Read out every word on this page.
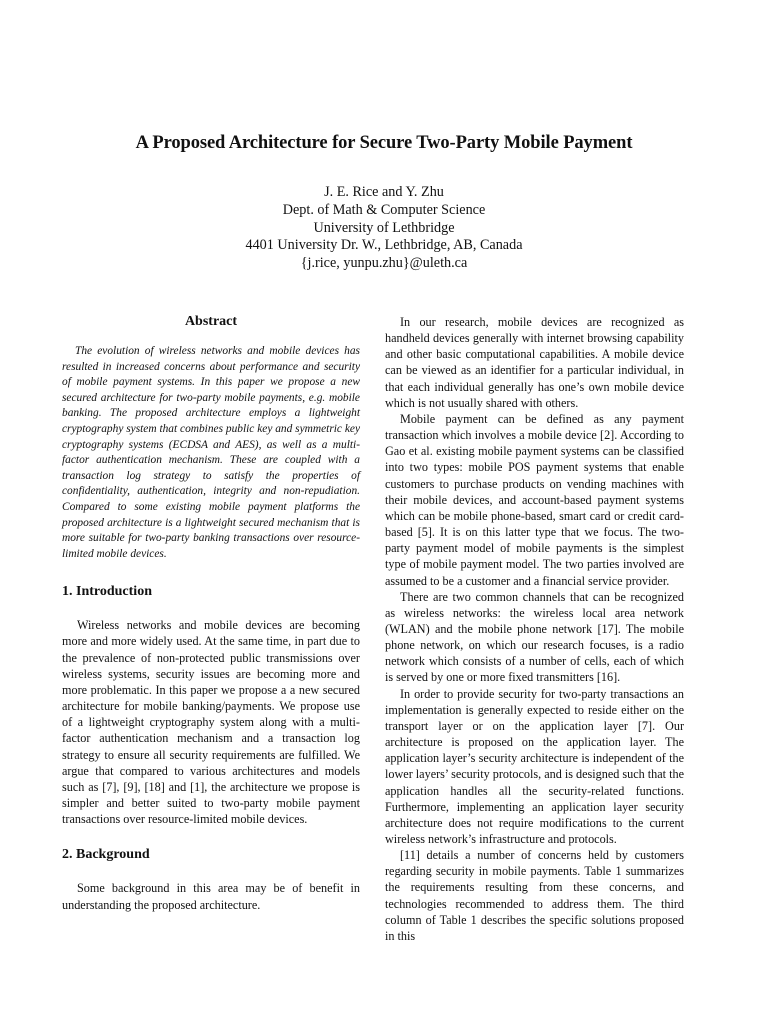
A Proposed Architecture for Secure Two-Party Mobile Payment
J. E. Rice and Y. Zhu
Dept. of Math & Computer Science
University of Lethbridge
4401 University Dr. W., Lethbridge, AB, Canada
{j.rice, yunpu.zhu}@uleth.ca
Abstract

The evolution of wireless networks and mobile devices has resulted in increased concerns about performance and security of mobile payment systems. In this paper we propose a new secured architecture for two-party mobile payments, e.g. mobile banking. The proposed architecture employs a lightweight cryptography system that combines public key and symmetric key cryptography systems (ECDSA and AES), as well as a multi-factor authentication mechanism. These are coupled with a transaction log strategy to satisfy the properties of confidentiality, authentication, integrity and non-repudiation. Compared to some existing mobile payment platforms the proposed architecture is a lightweight secured mechanism that is more suitable for two-party banking transactions over resource-limited mobile devices.

1. Introduction

Wireless networks and mobile devices are becoming more and more widely used. At the same time, in part due to the prevalence of non-protected public transmissions over wireless systems, security issues are becoming more and more problematic. In this paper we propose a a new secured architecture for mobile banking/payments. We propose use of a lightweight cryptography system along with a multi-factor authentication mechanism and a transaction log strategy to ensure all security requirements are fulfilled. We argue that compared to various architectures and models such as [7], [9], [18] and [1], the architecture we propose is simpler and better suited to two-party mobile payment transactions over resource-limited mobile devices.

2. Background

Some background in this area may be of benefit in understanding the proposed architecture.

In our research, mobile devices are recognized as handheld devices generally with internet browsing capability and other basic computational capabilities. A mobile device can be viewed as an identifier for a particular individual, in that each individual generally has one’s own mobile device which is not usually shared with others.

Mobile payment can be defined as any payment transaction which involves a mobile device [2]. According to Gao et al. existing mobile payment systems can be classified into two types: mobile POS payment systems that enable customers to purchase products on vending machines with their mobile devices, and account-based payment systems which can be mobile phone-based, smart card or credit card-based [5]. It is on this latter type that we focus. The two-party payment model of mobile payments is the simplest type of mobile payment model. The two parties involved are assumed to be a customer and a financial service provider.

There are two common channels that can be recognized as wireless networks: the wireless local area network (WLAN) and the mobile phone network [17]. The mobile phone network, on which our research focuses, is a radio network which consists of a number of cells, each of which is served by one or more fixed transmitters [16].

In order to provide security for two-party transactions an implementation is generally expected to reside either on the transport layer or on the application layer [7]. Our architecture is proposed on the application layer. The application layer’s security architecture is independent of the lower layers’ security protocols, and is designed such that the application handles all the security-related functions. Furthermore, implementing an application layer security architecture does not require modifications to the current wireless network’s infrastructure and protocols.

[11] details a number of concerns held by customers regarding security in mobile payments. Table 1 summarizes the requirements resulting from these concerns, and technologies recommended to address them. The third column of Table 1 describes the specific solutions proposed in this
